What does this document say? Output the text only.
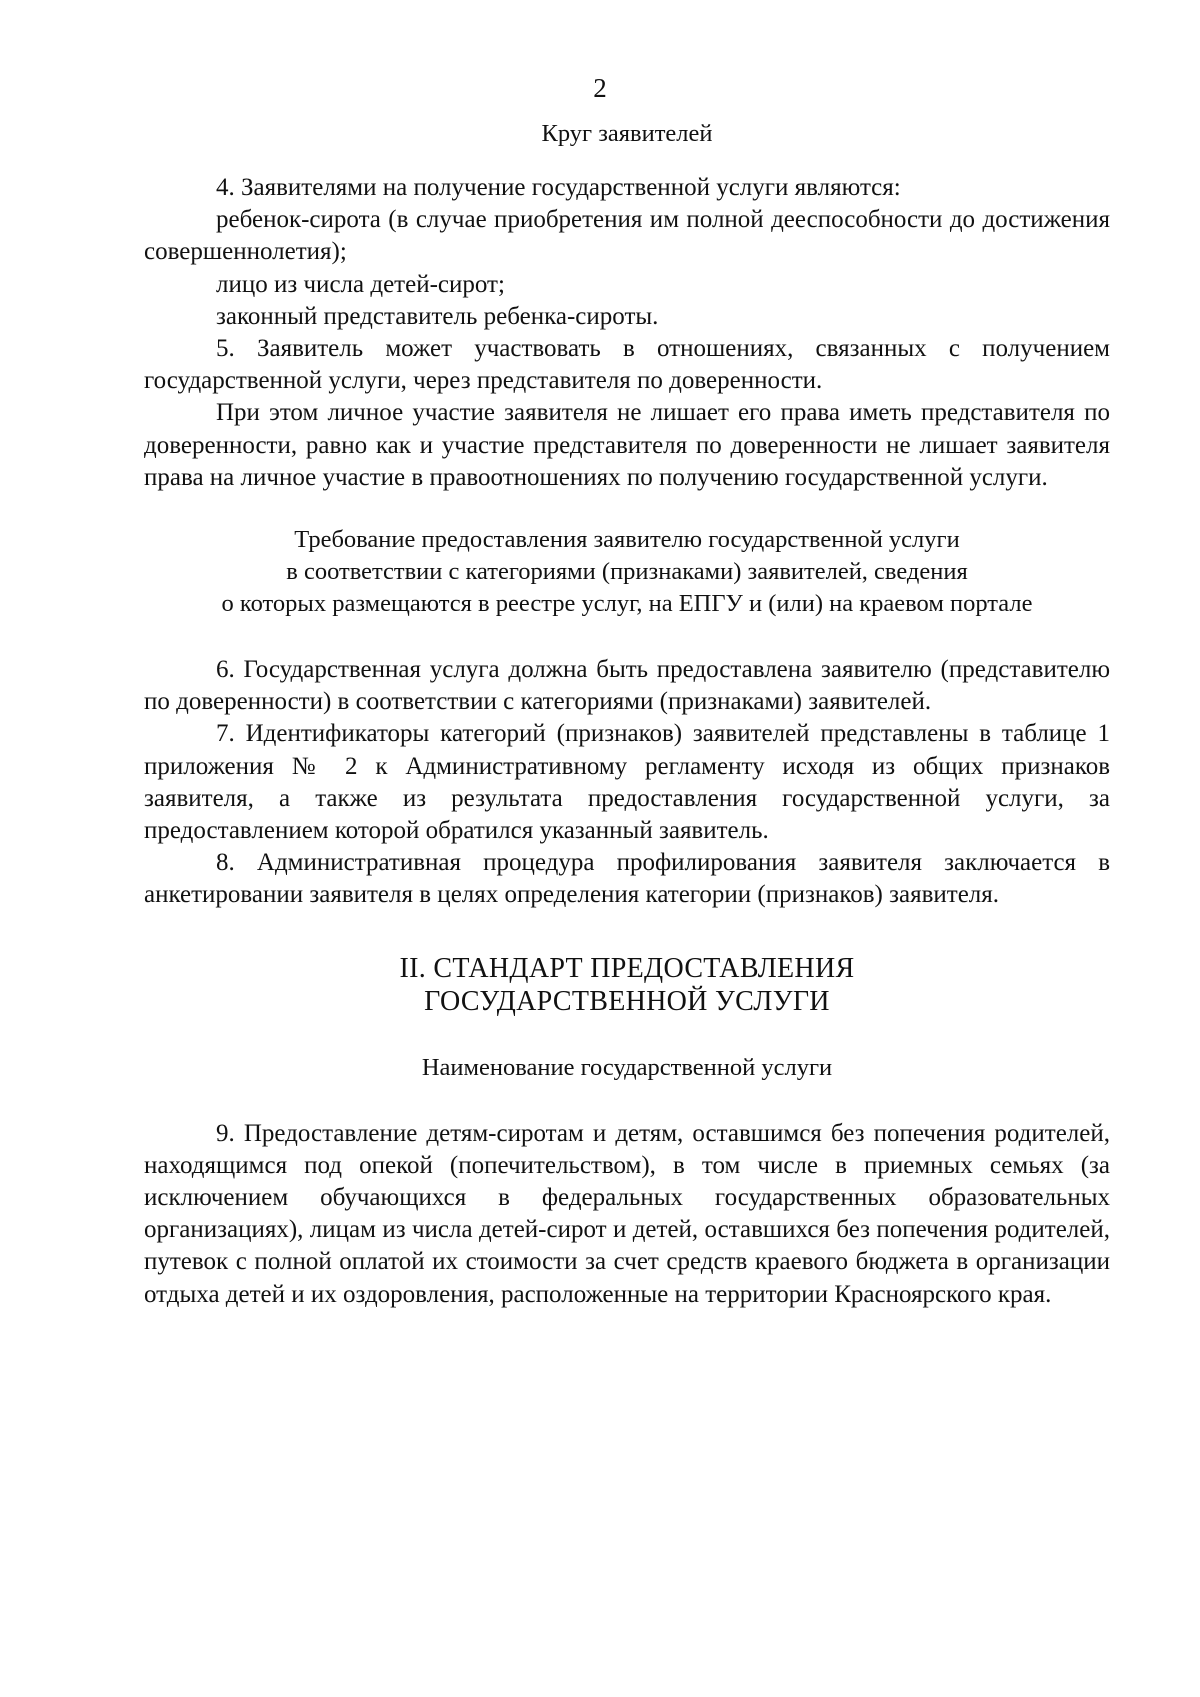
2

Круг заявителей

4. Заявителями на получение государственной услуги являются:

ребенок-сирота (в случае приобретения им полной дееспособности до достижения совершеннолетия);

лицо из числа детей-сирот;

законный представитель ребенка-сироты.

5. Заявитель может участвовать в отношениях, связанных с получением государственной услуги, через представителя по доверенности.

При этом личное участие заявителя не лишает его права иметь представителя по доверенности, равно как и участие представителя по доверенности не лишает заявителя права на личное участие в правоотношениях по получению государственной услуги.

Требование предоставления заявителю государственной услуги

в соответствии с категориями (признаками) заявителей, сведения

о которых размещаются в реестре услуг, на ЕПГУ и (или) на краевом портале

6. Государственная услуга должна быть предоставлена заявителю (представителю по доверенности) в соответствии с категориями (признаками) заявителей.

7. Идентификаторы категорий (признаков) заявителей представлены в таблице 1 приложения № 2 к Административному регламенту исходя из общих признаков заявителя, а также из результата предоставления государственной услуги, за предоставлением которой обратился указанный заявитель.

8. Административная процедура профилирования заявителя заключается в анкетировании заявителя в целях определения категории (признаков) заявителя.

II. СТАНДАРТ ПРЕДОСТАВЛЕНИЯ

ГОСУДАРСТВЕННОЙ УСЛУГИ

Наименование государственной услуги

9. Предоставление детям-сиротам и детям, оставшимся без попечения родителей, находящимся под опекой (попечительством), в том числе в приемных семьях (за исключением обучающихся в федеральных государственных образовательных организациях), лицам из числа детей-сирот и детей, оставшихся без попечения родителей, путевок с полной оплатой их стоимости за счет средств краевого бюджета в организации отдыха детей и их оздоровления, расположенные на территории Красноярского края.
